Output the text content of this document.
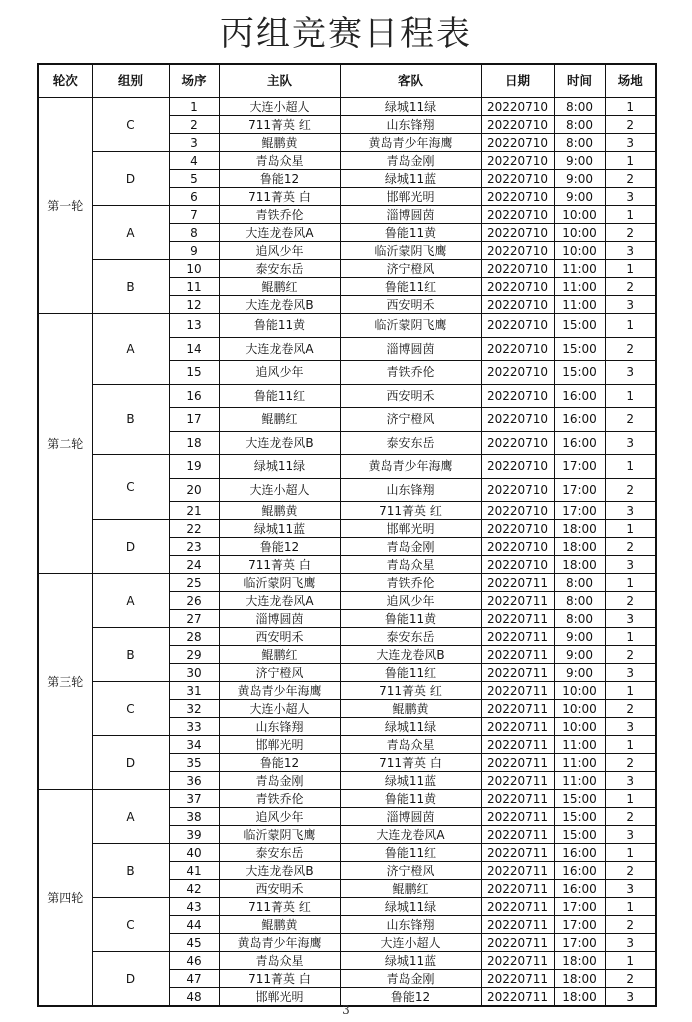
丙组竞赛日程表
轮次	组别	场序	主队	客队	日期	时间	场地
第一轮	C	1	大连小超人	绿城11绿	20220710	8:00	1
		2	711菁英 红	山东锋翔	20220710	8:00	2
		3	鲲鹏黄	黄岛青少年海鹰	20220710	8:00	3
	D	4	青岛众星	青岛金刚	20220710	9:00	1
		5	鲁能12	绿城11蓝	20220710	9:00	2
		6	711菁英 白	邯郸光明	20220710	9:00	3
	A	7	青铁乔伦	淄博圆茵	20220710	10:00	1
		8	大连龙卷风A	鲁能11黄	20220710	10:00	2
		9	追风少年	临沂蒙阴飞鹰	20220710	10:00	3
	B	10	泰安东岳	济宁橙风	20220710	11:00	1
		11	鲲鹏红	鲁能11红	20220710	11:00	2
		12	大连龙卷风B	西安明禾	20220710	11:00	3
第二轮	A	13	鲁能11黄	临沂蒙阴飞鹰	20220710	15:00	1
		14	大连龙卷风A	淄博圆茵	20220710	15:00	2
		15	追风少年	青铁乔伦	20220710	15:00	3
	B	16	鲁能11红	西安明禾	20220710	16:00	1
		17	鲲鹏红	济宁橙风	20220710	16:00	2
		18	大连龙卷风B	泰安东岳	20220710	16:00	3
	C	19	绿城11绿	黄岛青少年海鹰	20220710	17:00	1
		20	大连小超人	山东锋翔	20220710	17:00	2
		21	鲲鹏黄	711菁英 红	20220710	17:00	3
	D	22	绿城11蓝	邯郸光明	20220710	18:00	1
		23	鲁能12	青岛金刚	20220710	18:00	2
		24	711菁英 白	青岛众星	20220710	18:00	3
第三轮	A	25	临沂蒙阴飞鹰	青铁乔伦	20220711	8:00	1
		26	大连龙卷风A	追风少年	20220711	8:00	2
		27	淄博圆茵	鲁能11黄	20220711	8:00	3
	B	28	西安明禾	泰安东岳	20220711	9:00	1
		29	鲲鹏红	大连龙卷风B	20220711	9:00	2
		30	济宁橙风	鲁能11红	20220711	9:00	3
	C	31	黄岛青少年海鹰	711菁英 红	20220711	10:00	1
		32	大连小超人	鲲鹏黄	20220711	10:00	2
		33	山东锋翔	绿城11绿	20220711	10:00	3
	D	34	邯郸光明	青岛众星	20220711	11:00	1
		35	鲁能12	711菁英 白	20220711	11:00	2
		36	青岛金刚	绿城11蓝	20220711	11:00	3
第四轮	A	37	青铁乔伦	鲁能11黄	20220711	15:00	1
		38	追风少年	淄博圆茵	20220711	15:00	2
		39	临沂蒙阴飞鹰	大连龙卷风A	20220711	15:00	3
	B	40	泰安东岳	鲁能11红	20220711	16:00	1
		41	大连龙卷风B	济宁橙风	20220711	16:00	2
		42	西安明禾	鲲鹏红	20220711	16:00	3
	C	43	711菁英 红	绿城11绿	20220711	17:00	1
		44	鲲鹏黄	山东锋翔	20220711	17:00	2
		45	黄岛青少年海鹰	大连小超人	20220711	17:00	3
	D	46	青岛众星	绿城11蓝	20220711	18:00	1
		47	711菁英 白	青岛金刚	20220711	18:00	2
		48	邯郸光明	鲁能12	20220711	18:00	3
3
